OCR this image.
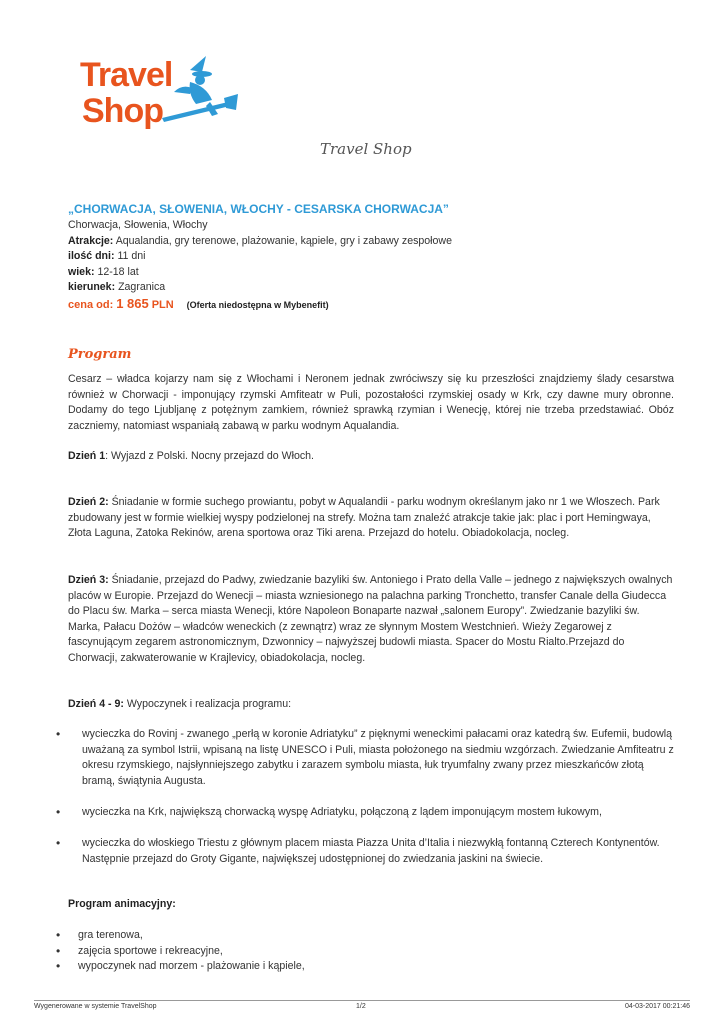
Travel
Shop
Travel Shop
„CHORWACJA, SŁOWENIA, WŁOCHY - CESARSKA CHORWACJA”
Chorwacja, Słowenia, Włochy
Atrakcje: Aqualandia, gry terenowe, plażowanie, kąpiele, gry i zabawy zespołowe
ilość dni: 11 dni
wiek: 12-18 lat
kierunek: Zagranica
cena od: 1 865 PLN (Oferta niedostępna w Mybenefit)
Program
Cesarz – władca kojarzy nam się z Włochami i Neronem jednak zwróciwszy się ku przeszłości znajdziemy ślady cesarstwa również w Chorwacji - imponujący rzymski Amfiteatr w Puli, pozostałości rzymskiej osady w Krk, czy dawne mury obronne. Dodamy do tego Ljubljanę z potężnym zamkiem, również sprawką rzymian i Wenecję, której nie trzeba przedstawiać. Obóz zaczniemy, natomiast wspaniałą zabawą w parku wodnym Aqualandia.
Dzień 1: Wyjazd z Polski. Nocny przejazd do Włoch.
Dzień 2: Śniadanie w formie suchego prowiantu, pobyt w Aqualandii - parku wodnym określanym jako nr 1 we Włoszech. Park zbudowany jest w formie wielkiej wyspy podzielonej na strefy. Można tam znaleźć atrakcje takie jak: plac i port Hemingwaya, Złota Laguna, Zatoka Rekinów, arena sportowa oraz Tiki arena. Przejazd do hotelu. Obiadokolacja, nocleg.
Dzień 3: Śniadanie, przejazd do Padwy, zwiedzanie bazyliki św. Antoniego i Prato della Valle – jednego z największych owalnych placów w Europie. Przejazd do Wenecji – miasta wzniesionego na palachna parking Tronchetto, transfer Canale della Giudecca do Placu św. Marka – serca miasta Wenecji, które Napoleon Bonaparte nazwał „salonem Europy”. Zwiedzanie bazyliki św. Marka, Pałacu Dożów – władców weneckich (z zewnątrz) wraz ze słynnym Mostem Westchnień. Wieży Zegarowej z fascynującym zegarem astronomicznym, Dzwonnicy – najwyższej budowli miasta. Spacer do Mostu Rialto.Przejazd do Chorwacji, zakwaterowanie w Krajlevicy, obiadokolacja, nocleg.
Dzień 4 - 9: Wypoczynek i realizacja programu:
• wycieczka do Rovinj - zwanego „perłą w koronie Adriatyku” z pięknymi weneckimi pałacami oraz katedrą św. Eufemii, budowlą uważaną za symbol Istrii, wpisaną na listę UNESCO i Puli, miasta położonego na siedmiu wzgórzach. Zwiedzanie Amfiteatru z okresu rzymskiego, najsłynniejszego zabytku i zarazem symbolu miasta, łuk tryumfalny zwany przez mieszkańców złotą bramą, świątynia Augusta.
• wycieczka na Krk, największą chorwacką wyspę Adriatyku, połączoną z lądem imponującym mostem łukowym,
• wycieczka do włoskiego Triestu z głównym placem miasta Piazza Unita d’Italia i niezwykłą fontanną Czterech Kontynentów. Następnie przejazd do Groty Gigante, największej udostępnionej do zwiedzania jaskini na świecie.
Program animacyjny:
• gra terenowa,
• zajęcia sportowe i rekreacyjne,
• wypoczynek nad morzem - plażowanie i kąpiele,
Wygenerowane w systemie TravelShop	1/2	04-03-2017 00:21:46
